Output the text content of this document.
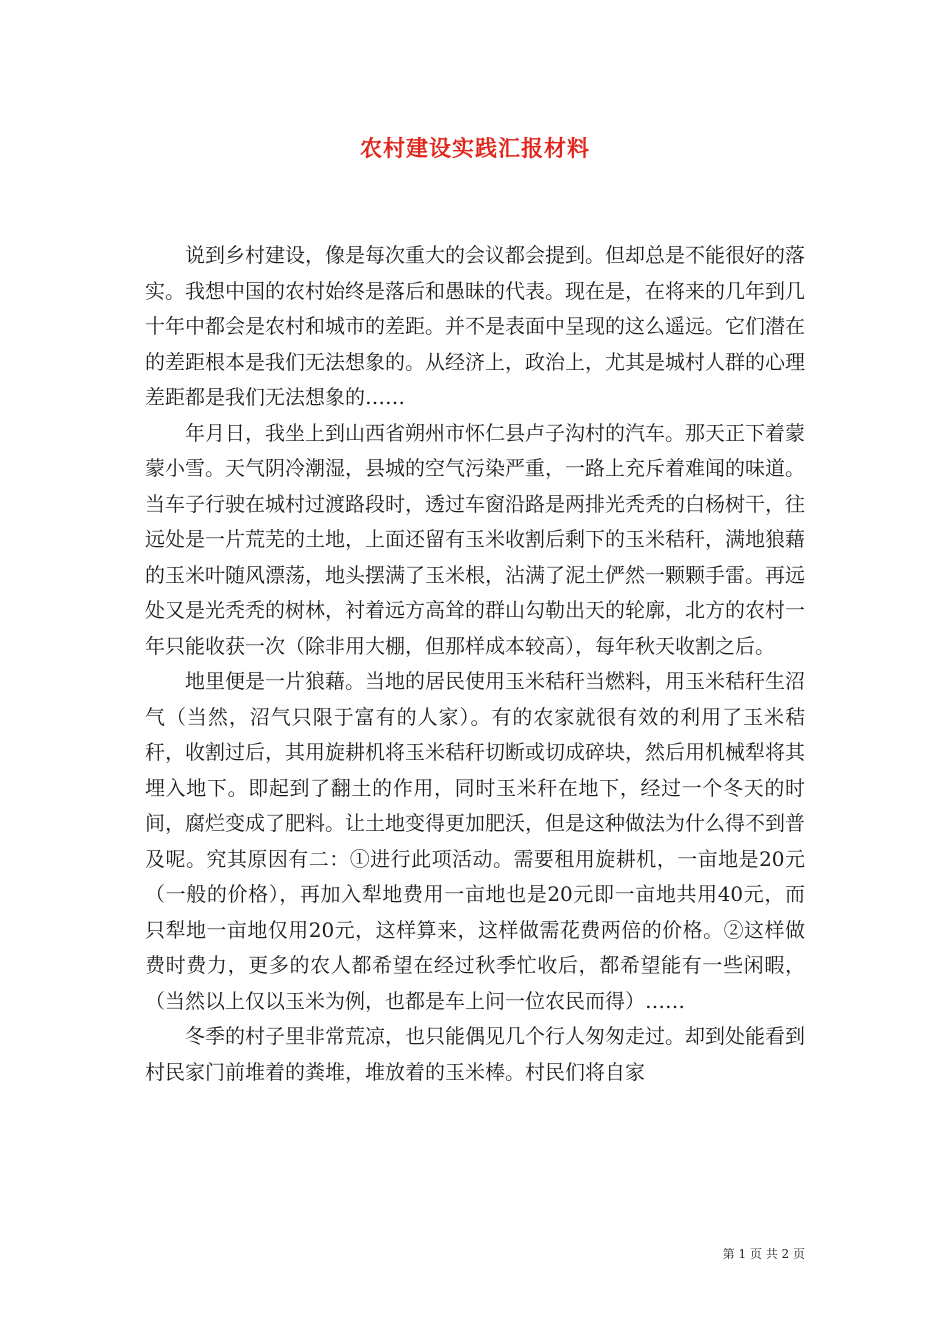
农村建设实践汇报材料

说到乡村建设，像是每次重大的会议都会提到。但却总是不能很好的落实。我想中国的农村始终是落后和愚昧的代表。现在是，在将来的几年到几十年中都会是农村和城市的差距。并不是表面中呈现的这么遥远。它们潜在的差距根本是我们无法想象的。从经济上，政治上，尤其是城村人群的心理差距都是我们无法想象的……

年月日，我坐上到山西省朔州市怀仁县卢子沟村的汽车。那天正下着蒙蒙小雪。天气阴冷潮湿，县城的空气污染严重，一路上充斥着难闻的味道。当车子行驶在城村过渡路段时，透过车窗沿路是两排光秃秃的白杨树干，往远处是一片荒芜的土地，上面还留有玉米收割后剩下的玉米秸秆，满地狼藉的玉米叶随风漂荡，地头摆满了玉米根，沾满了泥土俨然一颗颗手雷。再远处又是光秃秃的树林，衬着远方高耸的群山勾勒出天的轮廓，北方的农村一年只能收获一次（除非用大棚，但那样成本较高），每年秋天收割之后。

地里便是一片狼藉。当地的居民使用玉米秸秆当燃料，用玉米秸秆生沼气（当然，沼气只限于富有的人家）。有的农家就很有效的利用了玉米秸秆，收割过后，其用旋耕机将玉米秸秆切断或切成碎块，然后用机械犁将其埋入地下。即起到了翻土的作用，同时玉米秆在地下，经过一个冬天的时间，腐烂变成了肥料。让土地变得更加肥沃，但是这种做法为什么得不到普及呢。究其原因有二：①进行此项活动。需要租用旋耕机，一亩地是20元（一般的价格），再加入犁地费用一亩地也是20元即一亩地共用40元，而只犁地一亩地仅用20元，这样算来，这样做需花费两倍的价格。②这样做费时费力，更多的农人都希望在经过秋季忙收后，都希望能有一些闲暇，（当然以上仅以玉米为例，也都是车上问一位农民而得）……

冬季的村子里非常荒凉，也只能偶见几个行人匆匆走过。却到处能看到村民家门前堆着的粪堆，堆放着的玉米棒。村民们将自家

第 1 页 共 2 页
